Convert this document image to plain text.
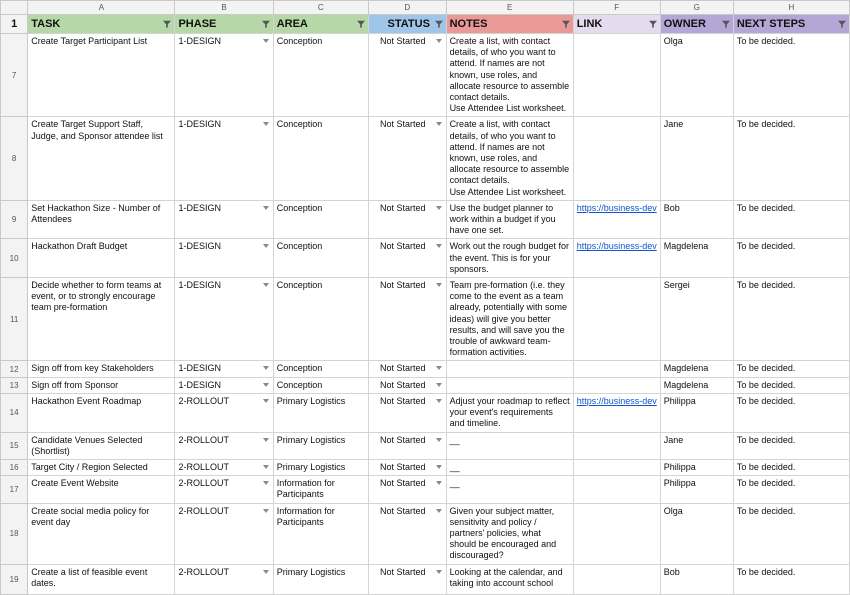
	A	B	C	D	E	F	G	H
1	TASK	PHASE	AREA	STATUS	NOTES	LINK	OWNER	NEXT STEPS

7	Create Target Participant List	1-DESIGN	Conception	Not Started	Create a list, with contact details, of who you want to attend. If names are not known, use roles, and allocate resource to assemble contact details.
Use Attendee List worksheet.		Olga	To be decided.

8	Create Target Support Staff, Judge, and Sponsor attendee list	1-DESIGN	Conception	Not Started	Create a list, with contact details, of who you want to attend. If names are not known, use roles, and allocate resource to assemble contact details.
Use Attendee List worksheet.		Jane	To be decided.

9	Set Hackathon Size - Number of Attendees	1-DESIGN	Conception	Not Started	Use the budget planner to work within a budget if you have one set.	https://business-dev	Bob	To be decided.

10	Hackathon Draft Budget	1-DESIGN	Conception	Not Started	Work out the rough budget for the event. This is for your sponsors.	https://business-dev	Magdelena	To be decided.

11	Decide whether to form teams at event, or to strongly encourage team pre-formation	1-DESIGN	Conception	Not Started	Team pre-formation (i.e. they come to the event as a team already, potentially with some ideas) will give you better results, and will save you the trouble of awkward team-formation activities.		Sergei	To be decided.

12	Sign off from key Stakeholders	1-DESIGN	Conception	Not Started			Magdelena	To be decided.

13	Sign off from Sponsor	1-DESIGN	Conception	Not Started			Magdelena	To be decided.

14	Hackathon Event Roadmap	2-ROLLOUT	Primary Logistics	Not Started	Adjust your roadmap to reflect your event's requirements and timeline.	https://business-dev	Philippa	To be decided.

15	Candidate Venues Selected (Shortlist)	2-ROLLOUT	Primary Logistics	Not Started	__		Jane	To be decided.

16	Target City / Region Selected	2-ROLLOUT	Primary Logistics	Not Started	__		Philippa	To be decided.

17	Create Event Website	2-ROLLOUT	Information for Participants	Not Started	__		Philippa	To be decided.

18	Create social media policy for event day	2-ROLLOUT	Information for Participants	Not Started	Given your subject matter, sensitivity and policy / partners' policies, what should be encouraged and discouraged?		Olga	To be decided.

19	Create a list of feasible event dates.	2-ROLLOUT	Primary Logistics	Not Started	Looking at the calendar, and taking into account school		Bob	To be decided.
